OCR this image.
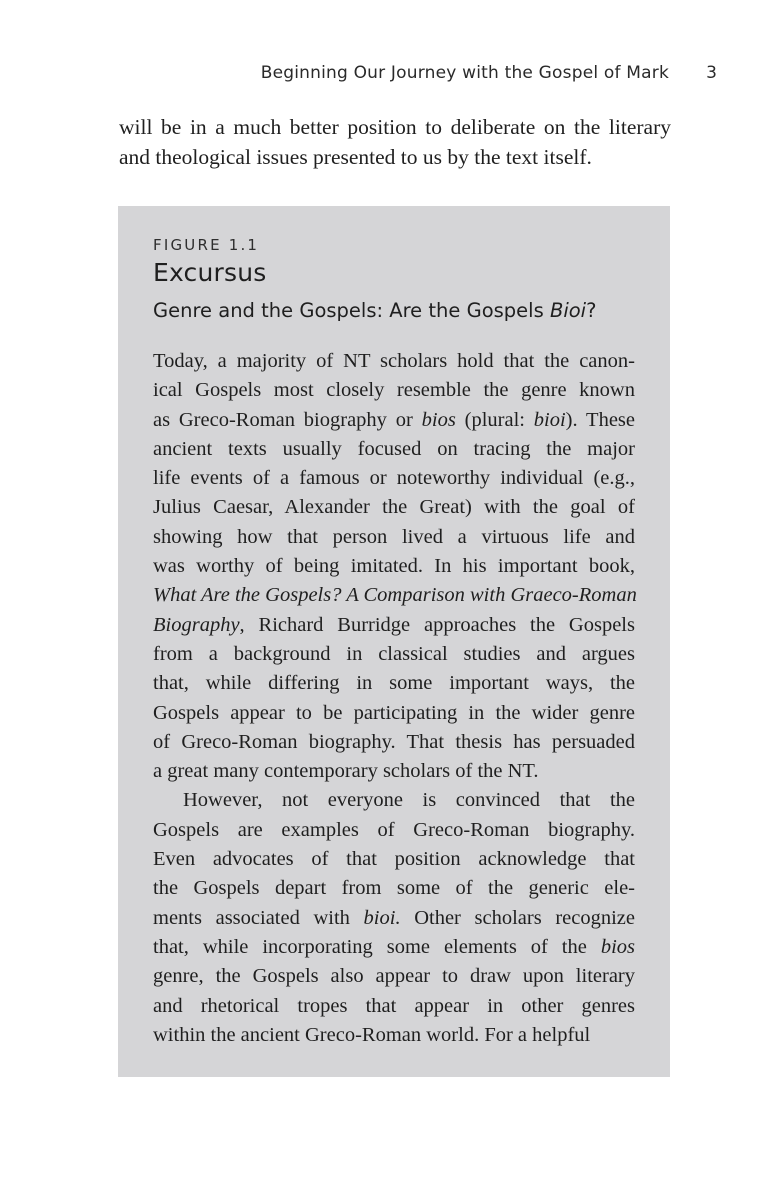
Beginning Our Journey with the Gospel of Mark 3
will be in a much better position to deliberate on the literary
and theological issues presented to us by the text itself.
FIGURE 1.1
Excursus
Genre and the Gospels: Are the Gospels Bioi?
Today, a majority of NT scholars hold that the canon-
ical Gospels most closely resemble the genre known
as Greco-Roman biography or bios (plural: bioi). These
ancient texts usually focused on tracing the major
life events of a famous or noteworthy individual (e.g.,
Julius Caesar, Alexander the Great) with the goal of
showing how that person lived a virtuous life and
was worthy of being imitated. In his important book,
What Are the Gospels? A Comparison with Graeco-Roman
Biography, Richard Burridge approaches the Gospels
from a background in classical studies and argues
that, while differing in some important ways, the
Gospels appear to be participating in the wider genre
of Greco-Roman biography. That thesis has persuaded
a great many contemporary scholars of the NT.
However, not everyone is convinced that the
Gospels are examples of Greco-Roman biography.
Even advocates of that position acknowledge that
the Gospels depart from some of the generic ele-
ments associated with bioi. Other scholars recognize
that, while incorporating some elements of the bios
genre, the Gospels also appear to draw upon literary
and rhetorical tropes that appear in other genres
within the ancient Greco-Roman world. For a helpful
